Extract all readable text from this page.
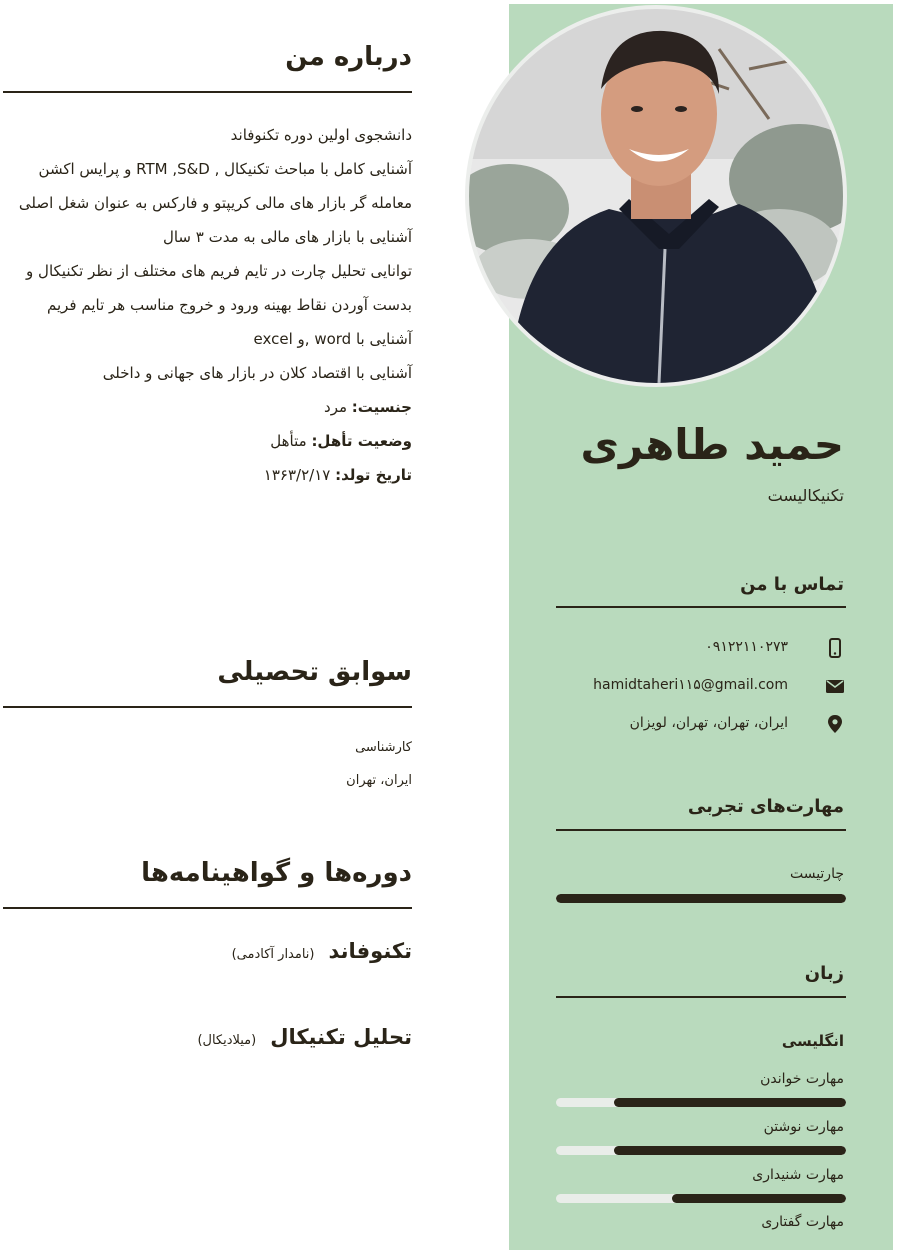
حمید طاهری
تکنیکالیست
تماس با من
۰۹۱۲۲۱۱۰۲۷۳
hamidtaheri۱۱۵@gmail.com
ایران، تهران، تهران، لویزان
مهارت‌های تجربی
چارتیست
زبان
انگلیسی
مهارت خواندن
مهارت نوشتن
مهارت شنیداری
مهارت گفتاری
درباره من

دانشجوی اولین دوره تکنوفاند

آشنایی کامل با مباحث تکنیکال , RTM ,S&D و پرایس اکشن

معامله گر بازار های مالی کریپتو و فارکس به عنوان شغل اصلی

آشنایی با بازار های مالی به مدت ۳ سال

توانایی تحلیل چارت در تایم فریم های مختلف از نظر تکنیکال و بدست آوردن نقاط بهینه ورود و خروج مناسب هر تایم فریم

آشنایی با word ,و excel

آشنایی با اقتصاد کلان در بازار های جهانی و داخلی

جنسیت: مرد

وضعیت تأهل: متأهل

تاریخ تولد: ۱۳۶۳/۲/۱۷

سوابق تحصیلی
کارشناسی
ایران، تهران
دوره‌ها و گواهینامه‌ها
تکنوفاند(نامدار آکادمی)
تحلیل تکنیکال(میلادیکال)
